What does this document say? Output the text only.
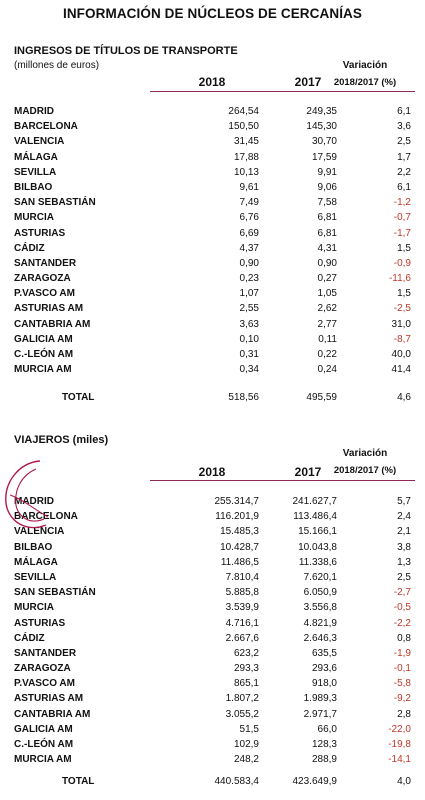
INFORMACIÓN DE NÚCLEOS DE CERCANÍAS
INGRESOS DE TÍTULOS DE TRANSPORTE
(millones de euros)	Variación
2018	2017	2018/2017 (%)
MADRID	264,54	249,35	6,1
BARCELONA	150,50	145,30	3,6
VALENCIA	31,45	30,70	2,5
MÁLAGA	17,88	17,59	1,7
SEVILLA	10,13	9,91	2,2
BILBAO	9,61	9,06	6,1
SAN SEBASTIÁN	7,49	7,58	-1,2
MURCIA	6,76	6,81	-0,7
ASTURIAS	6,69	6,81	-1,7
CÁDIZ	4,37	4,31	1,5
SANTANDER	0,90	0,90	-0,9
ZARAGOZA	0,23	0,27	-11,6
P.VASCO AM	1,07	1,05	1,5
ASTURIAS AM	2,55	2,62	-2,5
CANTABRIA AM	3,63	2,77	31,0
GALICIA AM	0,10	0,11	-8,7
C.-LEÓN AM	0,31	0,22	40,0
MURCIA AM	0,34	0,24	41,4
TOTAL	518,56	495,59	4,6
VIAJEROS (miles)
Variación
2018	2017	2018/2017 (%)
MADRID	255.314,7	241.627,7	5,7
BARCELONA	116.201,9	113.486,4	2,4
VALENCIA	15.485,3	15.166,1	2,1
BILBAO	10.428,7	10.043,8	3,8
MÁLAGA	11.486,5	11.338,6	1,3
SEVILLA	7.810,4	7.620,1	2,5
SAN SEBASTIÁN	5.885,8	6.050,9	-2,7
MURCIA	3.539,9	3.556,8	-0,5
ASTURIAS	4.716,1	4.821,9	-2,2
CÁDIZ	2.667,6	2.646,3	0,8
SANTANDER	623,2	635,5	-1,9
ZARAGOZA	293,3	293,6	-0,1
P.VASCO AM	865,1	918,0	-5,8
ASTURIAS AM	1.807,2	1.989,3	-9,2
CANTABRIA AM	3.055,2	2.971,7	2,8
GALICIA AM	51,5	66,0	-22,0
C.-LEÓN AM	102,9	128,3	-19,8
MURCIA AM	248,2	288,9	-14,1
TOTAL	440.583,4	423.649,9	4,0
